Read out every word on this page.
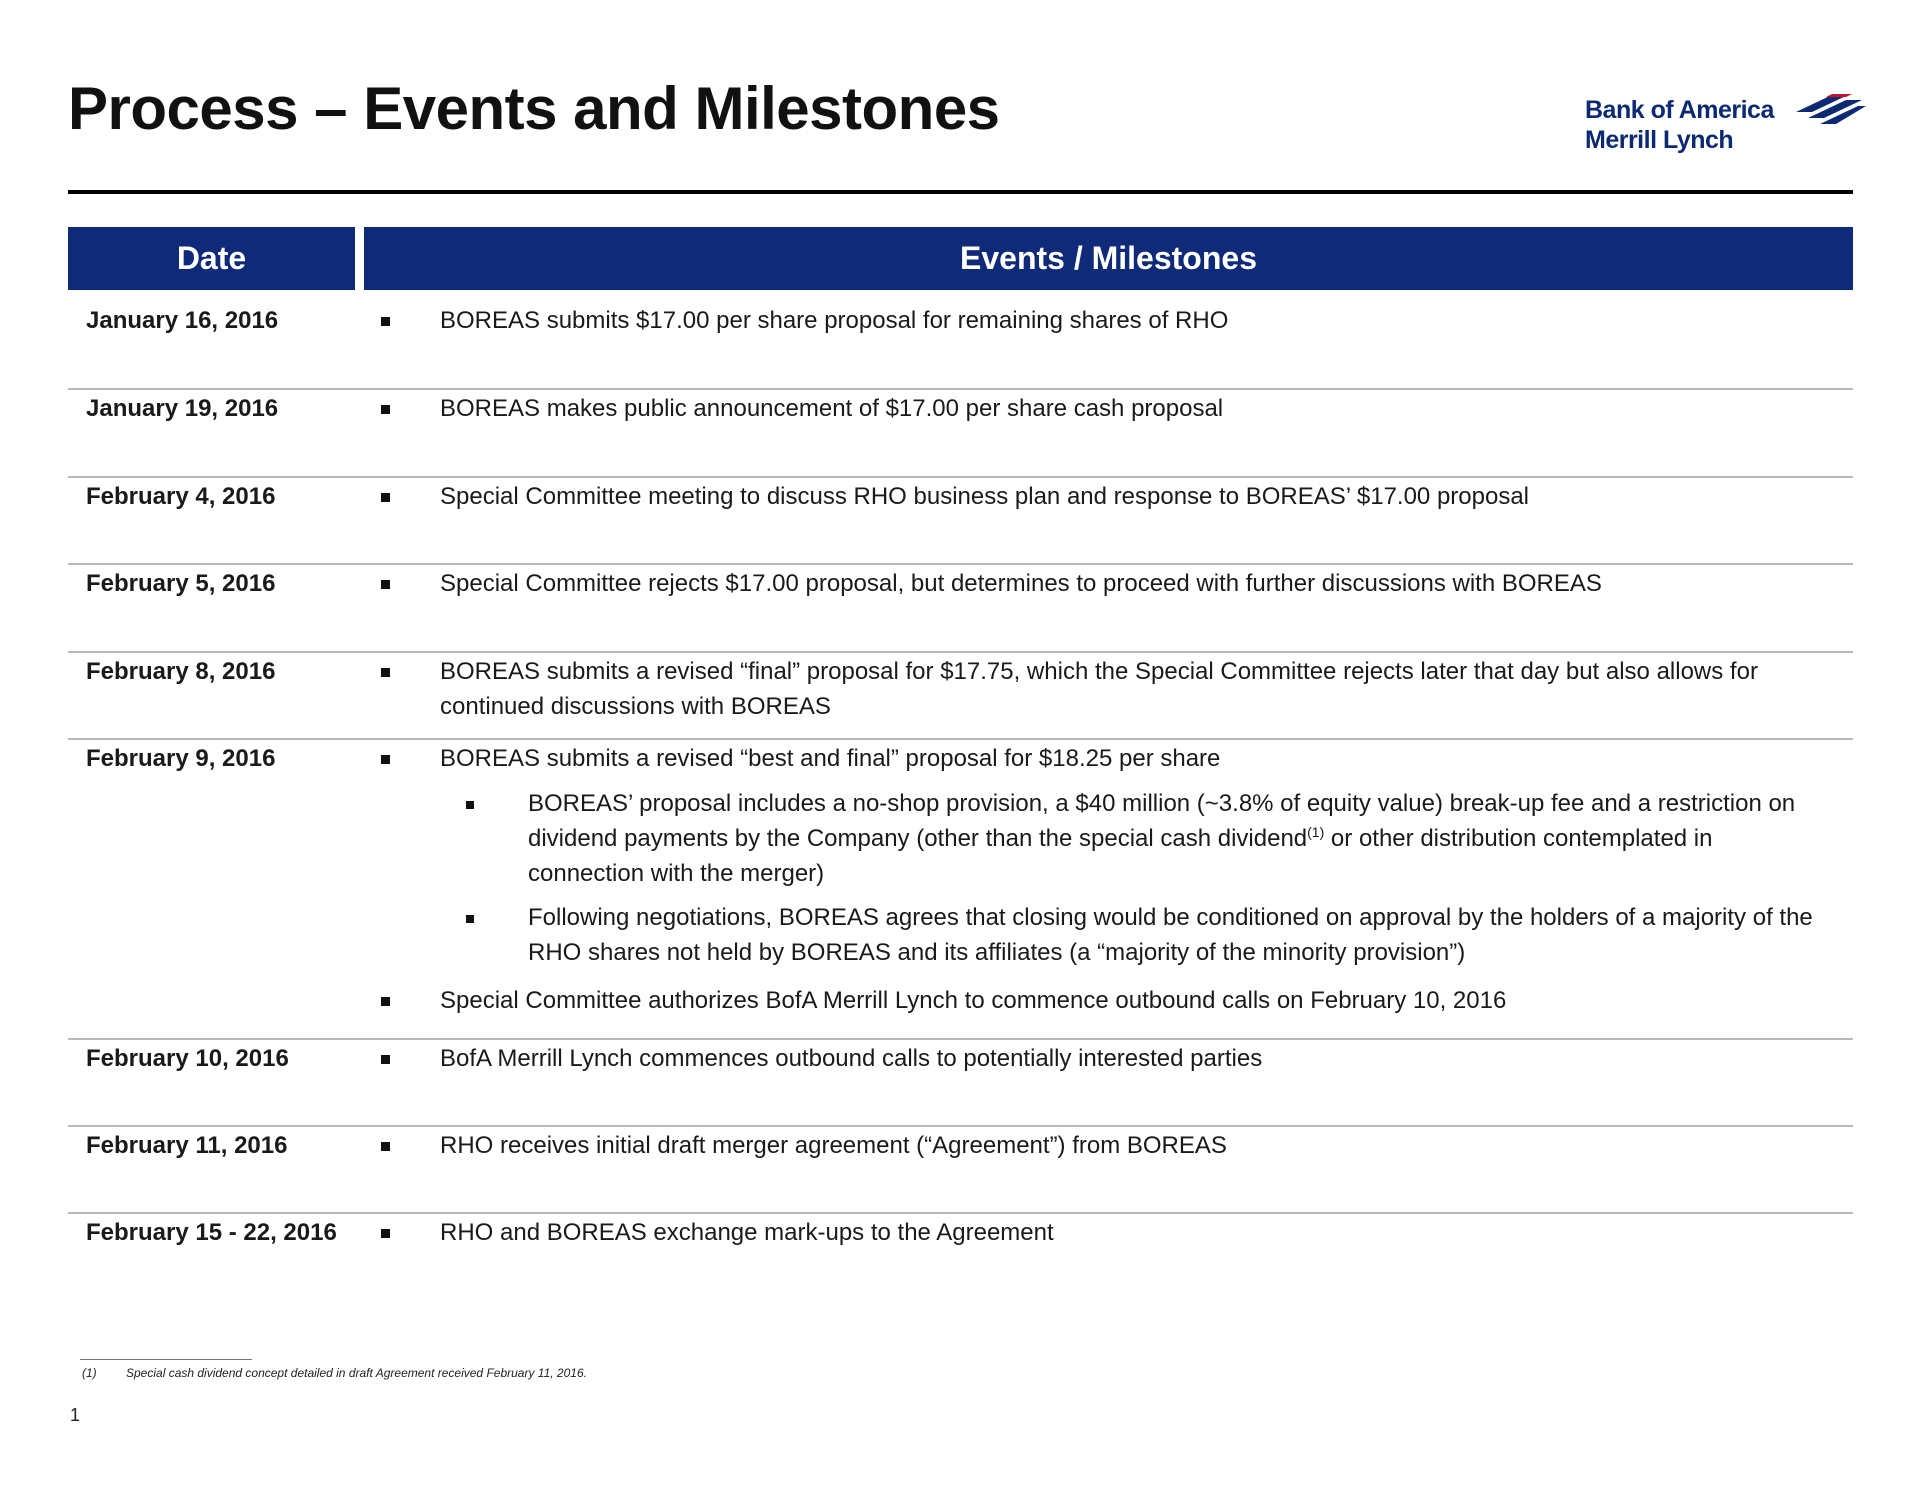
Process – Events and Milestones	Bank of America
Merrill Lynch
Date	Events / Milestones
January 16, 2016	BOREAS submits $17.00 per share proposal for remaining shares of RHO
January 19, 2016	BOREAS makes public announcement of $17.00 per share cash proposal
February 4, 2016	Special Committee meeting to discuss RHO business plan and response to BOREAS’ $17.00 proposal
February 5, 2016	Special Committee rejects $17.00 proposal, but determines to proceed with further discussions with BOREAS
February 8, 2016	BOREAS submits a revised “final” proposal for $17.75, which the Special Committee rejects later that day but also allows for continued discussions with BOREAS
February 9, 2016	BOREAS submits a revised “best and final” proposal for $18.25 per share
BOREAS’ proposal includes a no-shop provision, a $40 million (~3.8% of equity value) break-up fee and a restriction on dividend payments by the Company (other than the special cash dividend$^{(1)}$ or other distribution contemplated in connection with the merger)
Following negotiations, BOREAS agrees that closing would be conditioned on approval by the holders of a majority of the RHO shares not held by BOREAS and its affiliates (a “majority of the minority provision”)
Special Committee authorizes BofA Merrill Lynch to commence outbound calls on February 10, 2016
February 10, 2016	BofA Merrill Lynch commences outbound calls to potentially interested parties
February 11, 2016	RHO receives initial draft merger agreement (“Agreement”) from BOREAS
February 15 - 22, 2016	RHO and BOREAS exchange mark-ups to the Agreement
(1) Special cash dividend concept detailed in draft Agreement received February 11, 2016.
1
